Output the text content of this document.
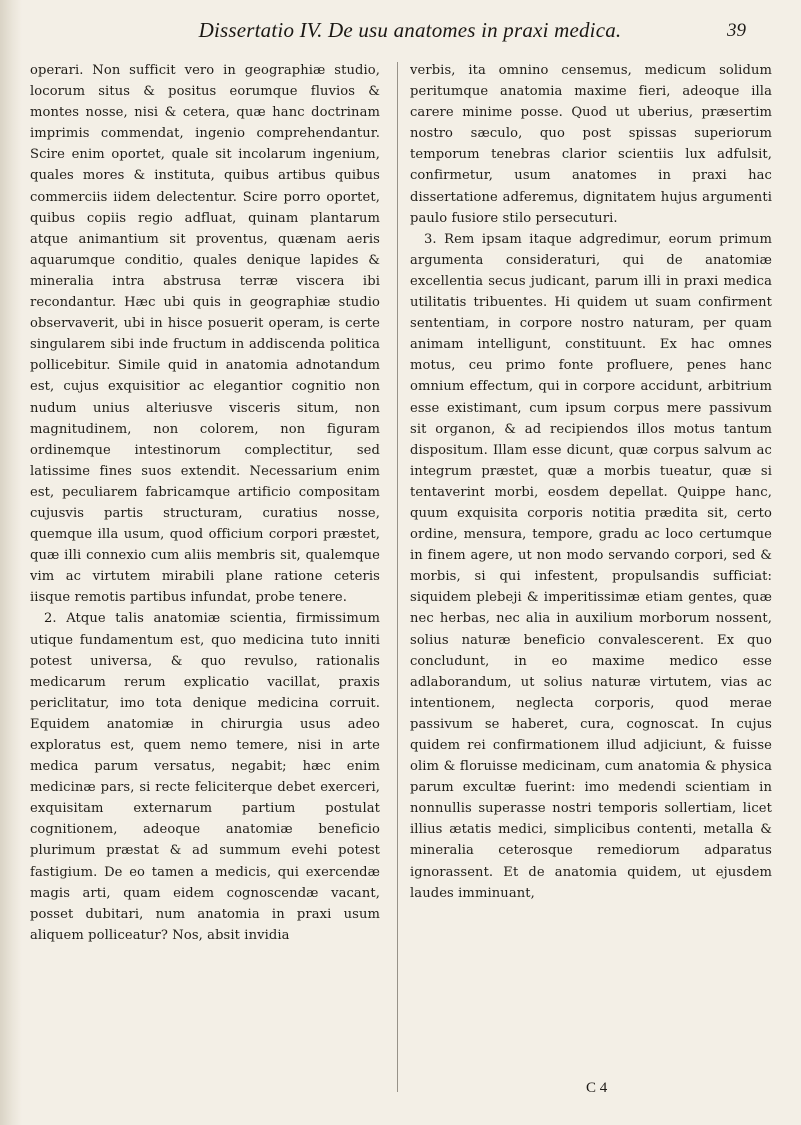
Dissertatio IV. De usu anatomes in praxi medica.	39

operari. Non sufficit vero in geographiæ studio, locorum situs & positus eorumque fluvios & montes nosse, nisi & cetera, quæ hanc doctrinam imprimis commendat, ingenio comprehendantur. Scire enim oportet, quale sit incolarum ingenium, quales mores & instituta, quibus artibus quibus commerciis iidem delectentur. Scire porro oportet, quibus copiis regio adfluat, quinam plantarum atque animantium sit proventus, quænam aeris aquarumque conditio, quales denique lapides & mineralia intra abstrusa terræ viscera ibi recondantur. Hæc ubi quis in geographiæ studio observaverit, ubi in hisce posuerit operam, is certe singularem sibi inde fructum in addiscenda politica pollicebitur. Simile quid in anatomia adnotandum est, cujus exquisitior ac elegantior cognitio non nudum unius alteriusve visceris situm, non magnitudinem, non colorem, non figuram ordinemque intestinorum complectitur, sed latissime fines suos extendit. Necessarium enim est, peculiarem fabricamque artificio compositam cujusvis partis structuram, curatius nosse, quemque illa usum, quod officium corpori præstet, quæ illi connexio cum aliis membris sit, qualemque vim ac virtutem mirabili plane ratione ceteris iisque remotis partibus infundat, probe tenere.

2. Atque talis anatomiæ scientia, firmissimum utique fundamentum est, quo medicina tuto inniti potest universa, & quo revulso, rationalis medicarum rerum explicatio vacillat, praxis periclitatur, imo tota denique medicina corruit. Equidem anatomiæ in chirurgia usus adeo exploratus est, quem nemo temere, nisi in arte medica parum versatus, negabit; hæc enim medicinæ pars, si recte feliciterque debet exerceri, exquisitam externarum partium postulat cognitionem, adeoque anatomiæ beneficio plurimum præstat & ad summum evehi potest fastigium. De eo tamen a medicis, qui exercendæ magis arti, quam eidem cognoscendæ vacant, posset dubitari, num anatomia in praxi usum aliquem polliceatur? Nos, absit invidia

verbis, ita omnino censemus, medicum solidum peritumque anatomia maxime fieri, adeoque illa carere minime posse. Quod ut uberius, præsertim nostro sæculo, quo post spissas superiorum temporum tenebras clarior scientiis lux adfulsit, confirmetur, usum anatomes in praxi hac dissertatione adferemus, dignitatem hujus argumenti paulo fusiore stilo persecuturi.

3. Rem ipsam itaque adgredimur, eorum primum argumenta consideraturi, qui de anatomiæ excellentia secus judicant, parum illi in praxi medica utilitatis tribuentes. Hi quidem ut suam confirment sententiam, in corpore nostro naturam, per quam animam intelligunt, constituunt. Ex hac omnes motus, ceu primo fonte profluere, penes hanc omnium effectum, qui in corpore accidunt, arbitrium esse existimant, cum ipsum corpus mere passivum sit organon, & ad recipiendos illos motus tantum dispositum. Illam esse dicunt, quæ corpus salvum ac integrum præstet, quæ a morbis tueatur, quæ si tentaverint morbi, eosdem depellat. Quippe hanc, quum exquisita corporis notitia prædita sit, certo ordine, mensura, tempore, gradu ac loco certumque in finem agere, ut non modo servando corpori, sed & morbis, si qui infestent, propulsandis sufficiat: siquidem plebeji & imperitissimæ etiam gentes, quæ nec herbas, nec alia in auxilium morborum nossent, solius naturæ beneficio convalescerent. Ex quo concludunt, in eo maxime medico esse adlaborandum, ut solius naturæ virtutem, vias ac intentionem, neglecta corporis, quod merae passivum se haberet, cura, cognoscat. In cujus quidem rei confirmationem illud adjiciunt, & fuisse olim & floruisse medicinam, cum anatomia & physica parum excultæ fuerint: imo medendi scientiam in nonnullis superasse nostri temporis sollertiam, licet illius ætatis medici, simplicibus contenti, metalla & mineralia ceterosque remediorum adparatus ignorassent. Et de anatomia quidem, ut ejusdem laudes imminuant,

C 4
